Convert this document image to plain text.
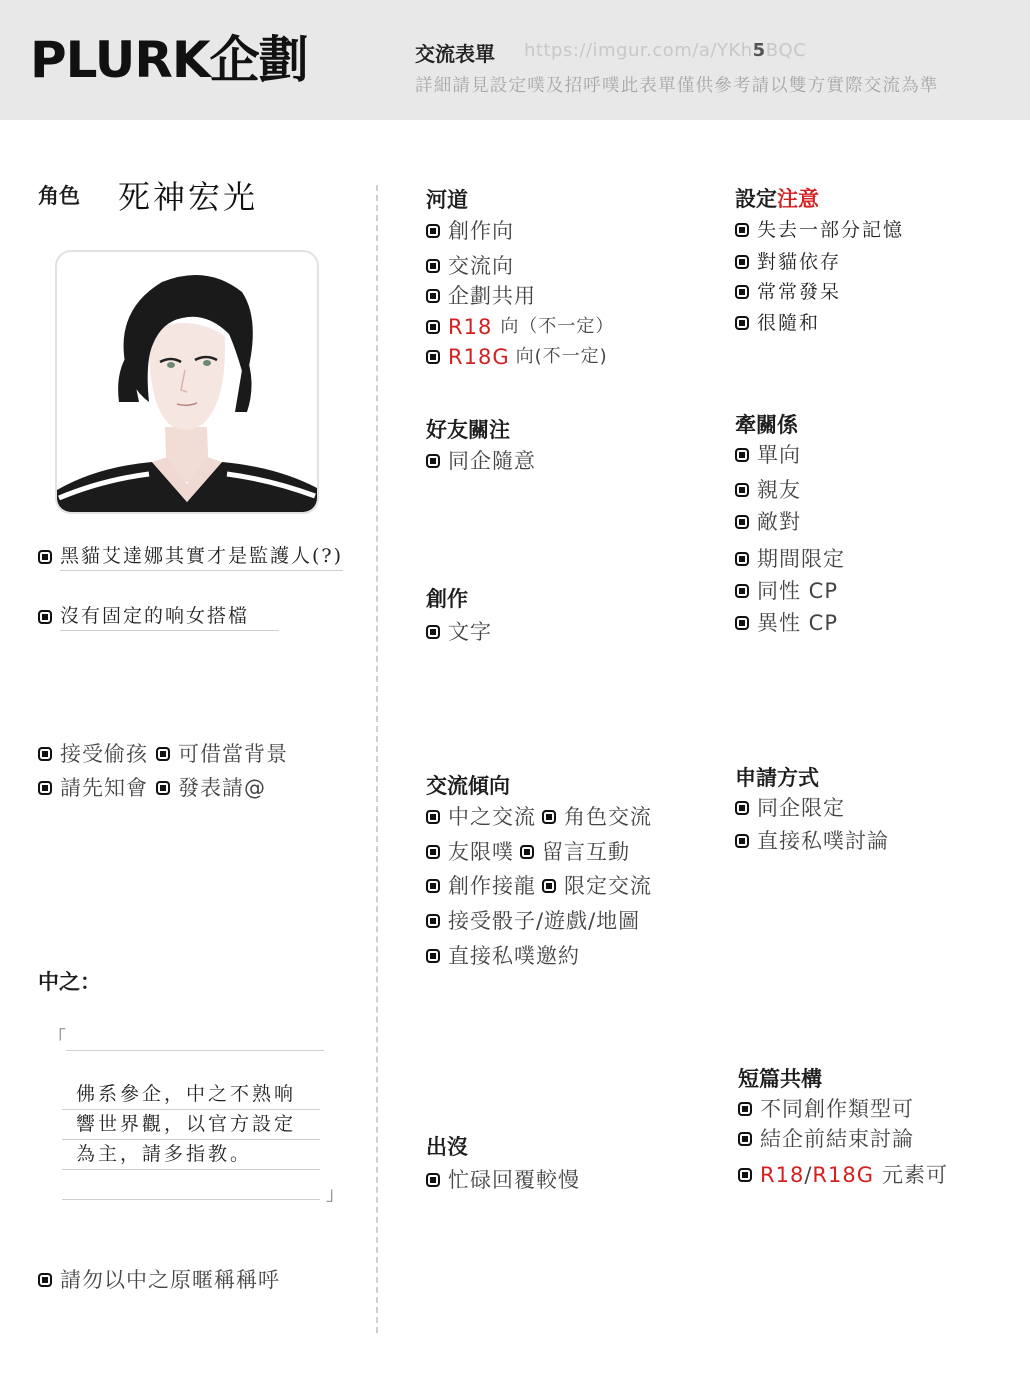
PLURK企劃	交流表單 https://imgur.com/a/YKh5BQC
詳細請見設定噗及招呼噗此表單僅供參考請以雙方實際交流為準
角色 死神宏光
黑貓艾達娜其實才是監護人(?)
沒有固定的响女搭檔
接受偷孩 可借當背景
請先知會 發表請@
中之：
「
佛系參企，中之不熟响
響世界觀，以官方設定
為主，請多指教。
」
請勿以中之原暱稱稱呼
河道
創作向
交流向
企劃共用
R18 向（不一定）
R18G 向(不一定)
好友關注
同企隨意
創作
文字
交流傾向
中之交流 角色交流
友限噗 留言互動
創作接龍 限定交流
接受骰子/遊戲/地圖
直接私噗邀約
出沒
忙碌回覆較慢
設定注意
失去一部分記憶
對貓依存
常常發呆
很隨和
牽關係
單向
親友
敵對
期間限定
同性 CP
異性 CP
申請方式
同企限定
直接私噗討論
短篇共構
不同創作類型可
結企前結束討論
R18 / R18G 元素可
